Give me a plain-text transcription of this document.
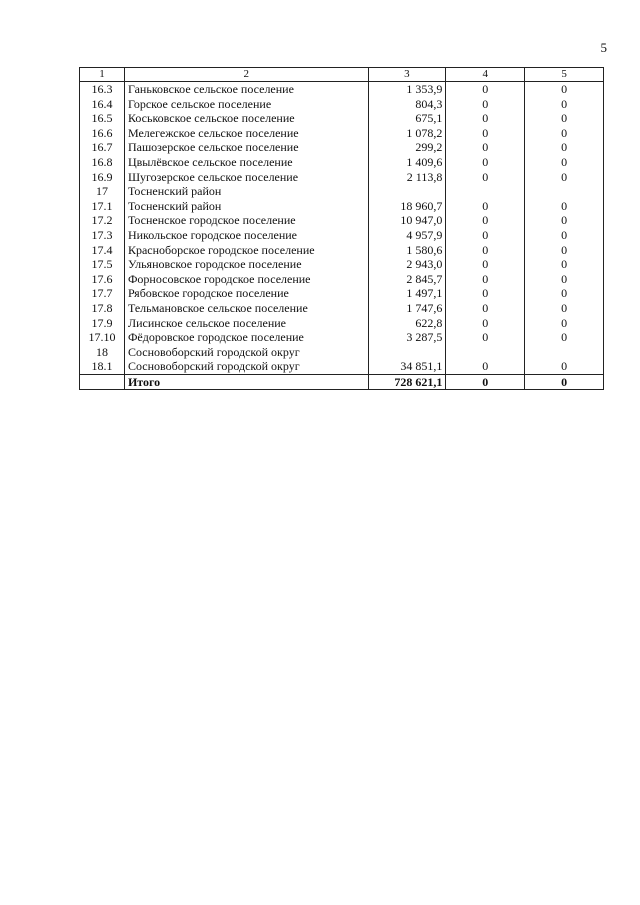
5
1	2	3	4	5
16.3	Ганьковское сельское поселение	1 353,9	0	0
16.4	Горское сельское поселение	804,3	0	0
16.5	Коськовское сельское поселение	675,1	0	0
16.6	Мелегежское сельское поселение	1 078,2	0	0
16.7	Пашозерское сельское поселение	299,2	0	0
16.8	Цвылёвское сельское поселение	1 409,6	0	0
16.9	Шугозерское сельское поселение	2 113,8	0	0
17	Тосненский район			
17.1	Тосненский район	18 960,7	0	0
17.2	Тосненское городское поселение	10 947,0	0	0
17.3	Никольское городское поселение	4 957,9	0	0
17.4	Красноборское городское поселение	1 580,6	0	0
17.5	Ульяновское городское поселение	2 943,0	0	0
17.6	Форносовское городское поселение	2 845,7	0	0
17.7	Рябовское городское поселение	1 497,1	0	0
17.8	Тельмановское сельское поселение	1 747,6	0	0
17.9	Лисинское сельское поселение	622,8	0	0
17.10	Фёдоровское городское поселение	3 287,5	0	0
18	Сосновоборский городской округ			
18.1	Сосновоборский городской округ	34 851,1	0	0
	Итого	728 621,1	0	0
